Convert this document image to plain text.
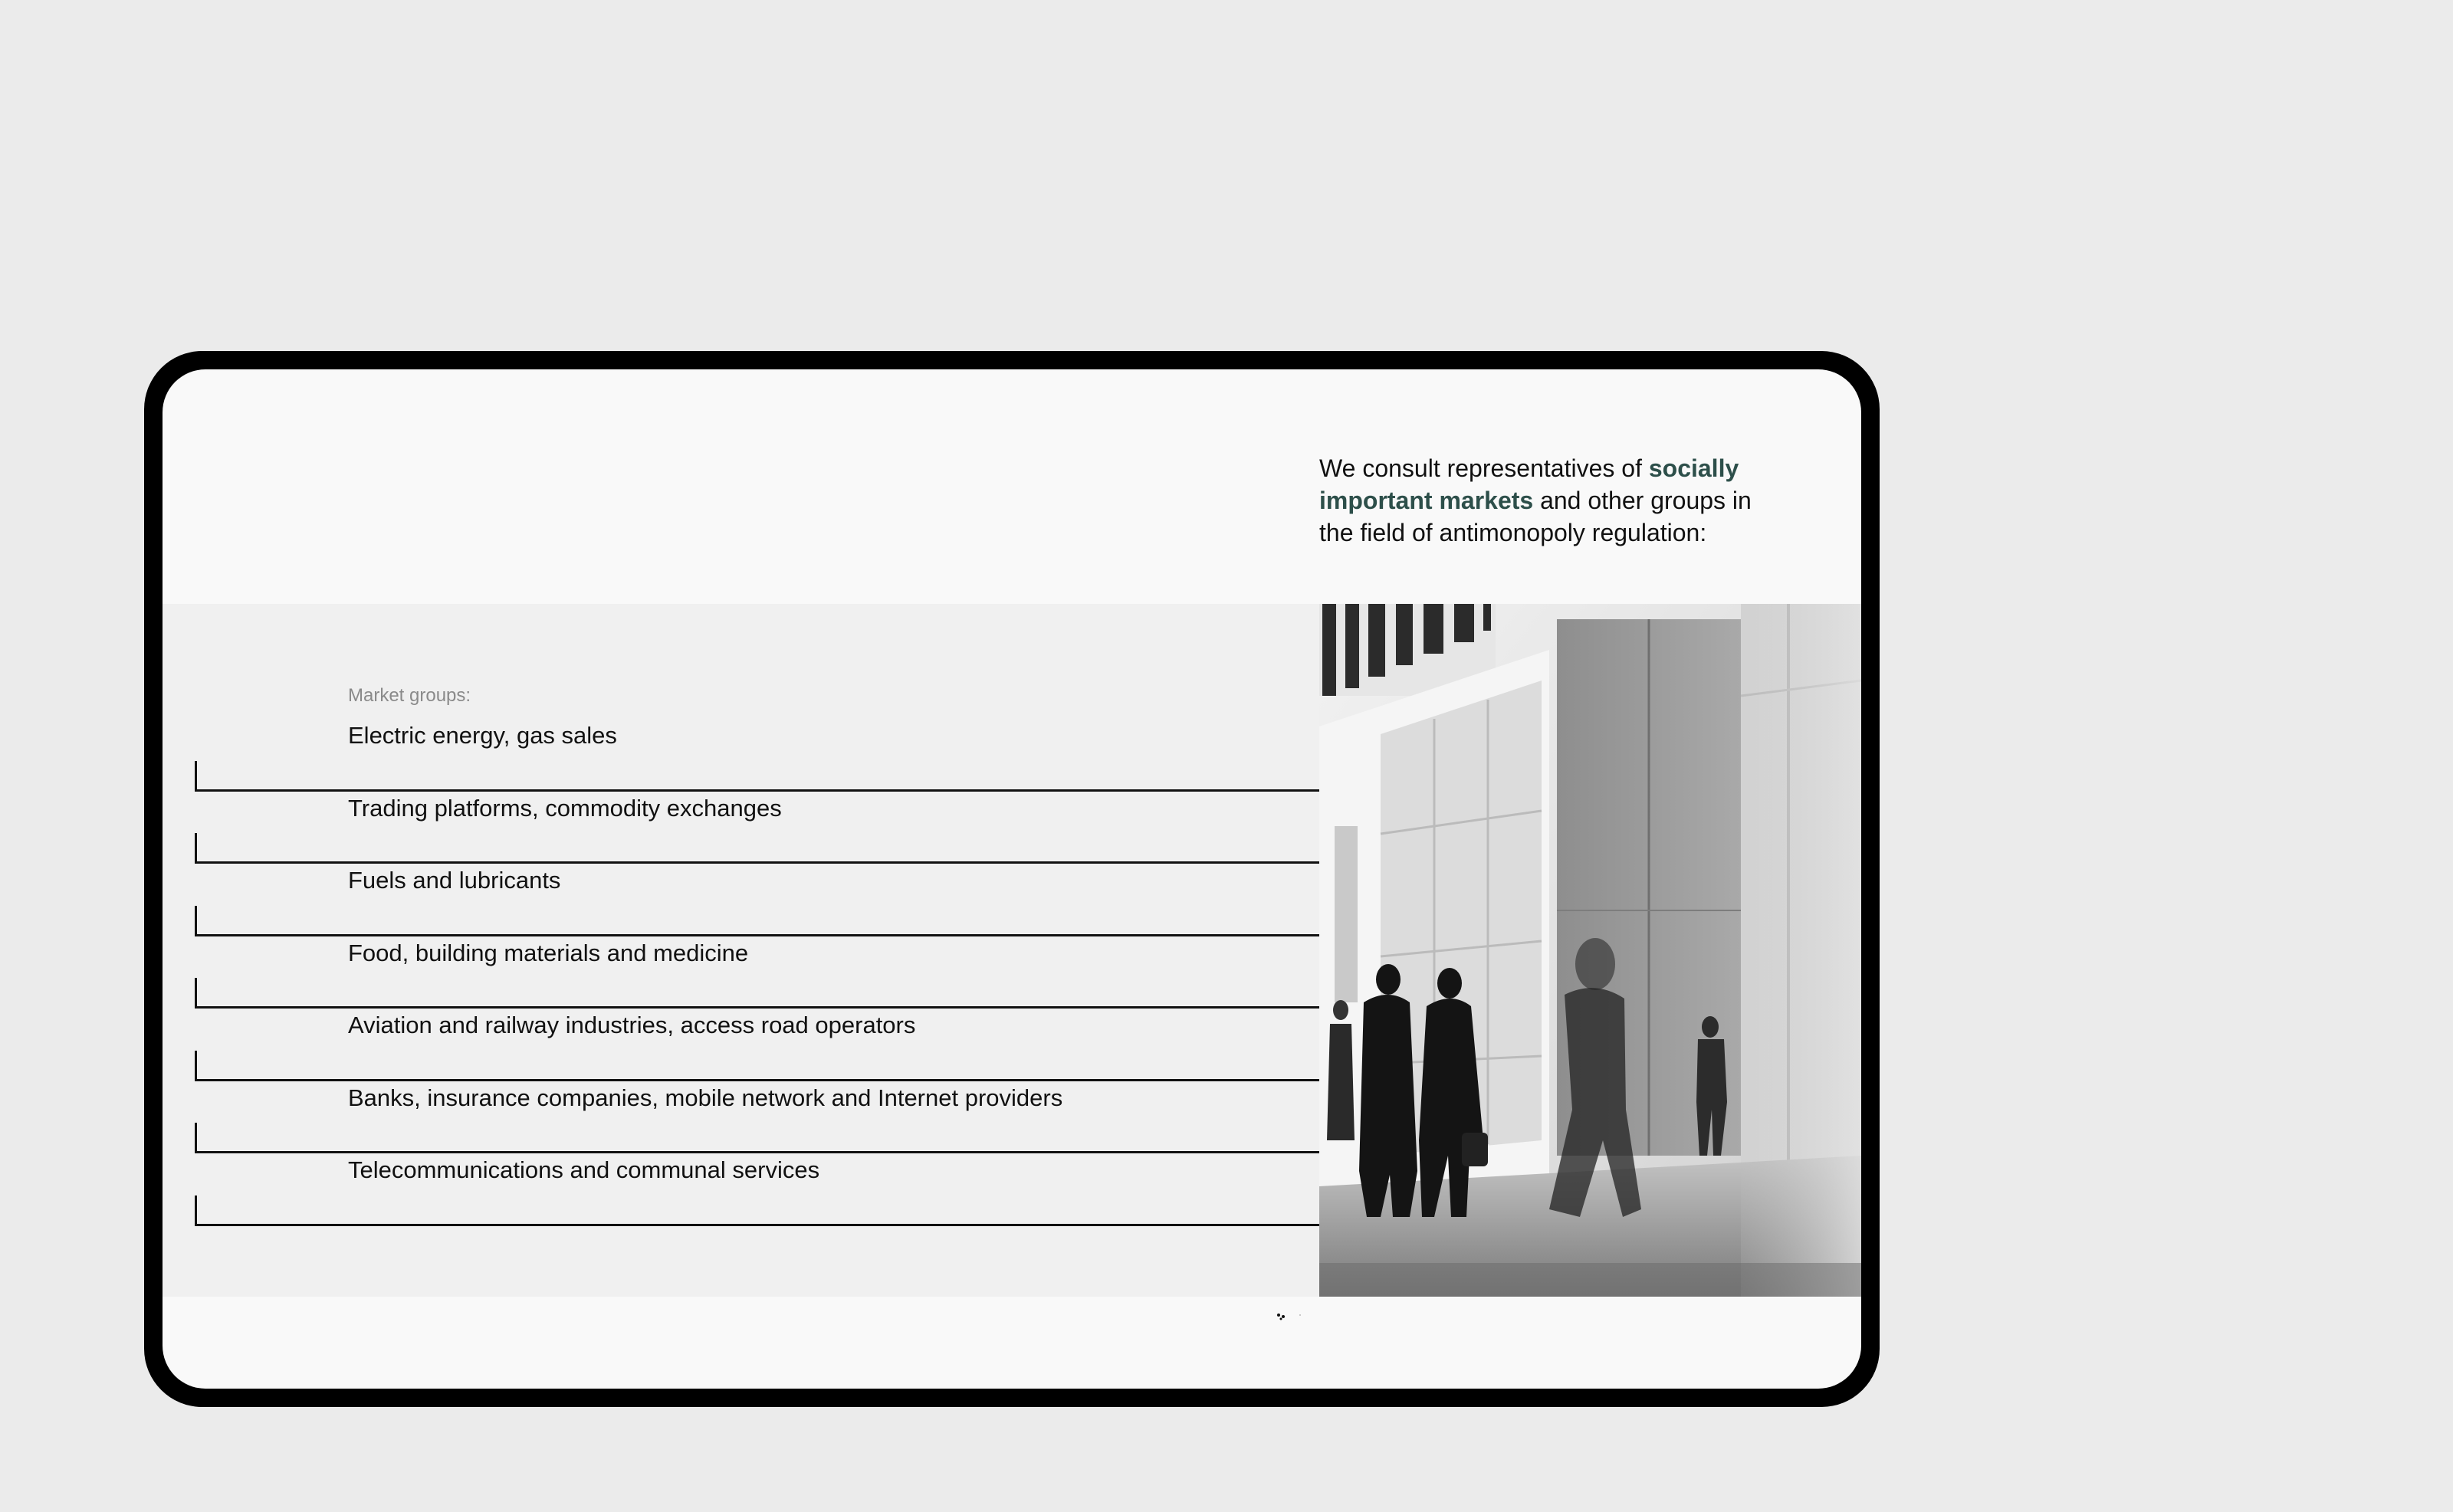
We consult representatives of socially important markets and other groups in the field of antimonopoly regulation:

Market groups:

Electric energy, gas sales
Trading platforms, commodity exchanges
Fuels and lubricants
Food, building materials and medicine
Aviation and railway industries, access road operators
Banks, insurance companies, mobile network and Internet providers
Telecommunications and communal services
